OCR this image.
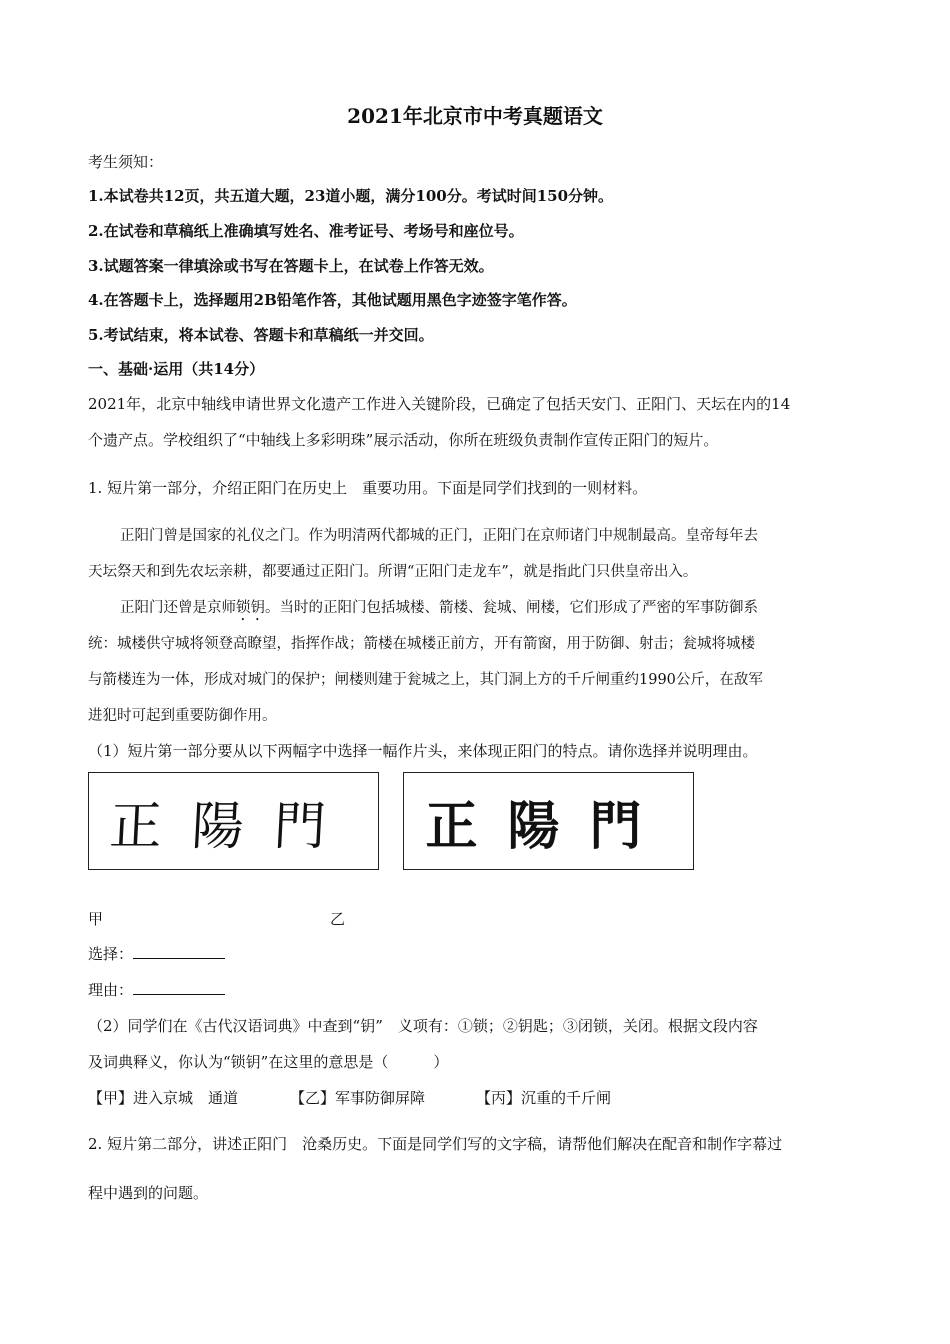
2021年北京市中考真题语文
考生须知：
1.本试卷共12页，共五道大题，23道小题，满分100分。考试时间150分钟。
2.在试卷和草稿纸上准确填写姓名、准考证号、考场号和座位号。
3.试题答案一律填涂或书写在答题卡上，在试卷上作答无效。
4.在答题卡上，选择题用2B铅笔作答，其他试题用黑色字迹签字笔作答。
5.考试结束，将本试卷、答题卡和草稿纸一并交回。
一、基础·运用（共14分）
2021年，北京中轴线申请世界文化遗产工作进入关键阶段，已确定了包括天安门、正阳门、天坛在内的14
个遗产点。学校组织了“中轴线上多彩明珠”展示活动，你所在班级负责制作宣传正阳门的短片。
1. 短片第一部分，介绍正阳门在历史上　重要功用。下面是同学们找到的一则材料。
正阳门曾是国家的礼仪之门。作为明清两代都城的正门，正阳门在京师诸门中规制最高。皇帝每年去
天坛祭天和到先农坛亲耕，都要通过正阳门。所谓“正阳门走龙车”，就是指此门只供皇帝出入。
正阳门还曾是京师锁钥。当时的正阳门包括城楼、箭楼、瓮城、闸楼，它们形成了严密的军事防御系
统：城楼供守城将领登高瞭望，指挥作战；箭楼在城楼正前方，开有箭窗，用于防御、射击；瓮城将城楼
与箭楼连为一体，形成对城门的保护；闸楼则建于瓮城之上，其门洞上方的千斤闸重约1990公斤，在敌军
进犯时可起到重要防御作用。
（1）短片第一部分要从以下两幅字中选择一幅作片头，来体现正阳门的特点。请你选择并说明理由。
正陽門 正陽門
甲	乙
选择：
理由：
（2）同学们在《古代汉语词典》中查到“钥”　义项有：①锁；②钥匙；③闭锁，关闭。根据文段内容
及词典释义，你认为“锁钥”在这里的意思是（　　　）
【甲】进入京城　通道	【乙】军事防御屏障	【丙】沉重的千斤闸
2. 短片第二部分，讲述正阳门　沧桑历史。下面是同学们写的文字稿，请帮他们解决在配音和制作字幕过
程中遇到的问题。
